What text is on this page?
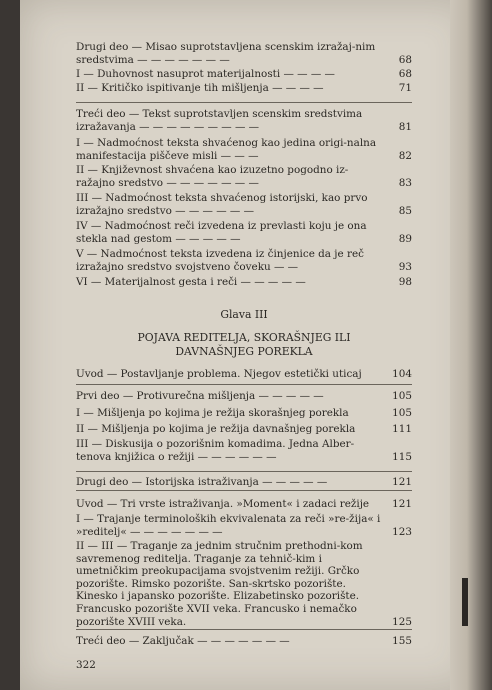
Drugi deo — Misao suprotstavljena scenskim izražaj-nim sredstvima — — — — — — —	68
I — Duhovnost nasuprot materijalnosti — — — —	68
II — Kritičko ispitivanje tih mišljenja — — — —	71
Treći deo — Tekst suprotstavljen scenskim sredstvima izražavanja — — — — — — — — —	81
I — Nadmoćnost teksta shvaćenog kao jedina origi-nalna manifestacija piščeve misli — — —	82
II — Književnost shvaćena kao izuzetno pogodno iz-ražajno sredstvo — — — — — — —	83
III — Nadmoćnost teksta shvaćenog istorijski, kao prvo izražajno sredstvo — — — — — —	85
IV — Nadmoćnost reči izvedena iz prevlasti koju je ona stekla nad gestom — — — — —	89
V — Nadmoćnost teksta izvedena iz činjenice da je reč izražajno sredstvo svojstveno čoveku — —	93
VI — Materijalnost gesta i reči — — — — —	98
Glava III
POJAVA REDITELJA, SKORAŠNJEG ILI
DAVNAŠNJEG POREKLA
Uvod — Postavljanje problema. Njegov estetički uticaj	104
Prvi deo — Protivurečna mišljenja — — — — —	105
I — Mišljenja po kojima je režija skorašnjeg porekla	105
II — Mišljenja po kojima je režija davnašnjeg porekla	111
III — Diskusija o pozorišnim komadima. Jedna Alber-tenova knjižica o režiji — — — — — —	115
Drugi deo — Istorijska istraživanja — — — — —	121
Uvod — Tri vrste istraživanja. »Moment« i zadaci režije	121
I — Trajanje terminoloških ekvivalenata za reči »re-žija« i »reditelj« — — — — — — —	123
II — III — Traganje za jednim stručnim prethodni-kom savremenog reditelja. Traganje za tehnič-kim i umetničkim preokupacijama svojstvenim režiji. Grčko pozorište. Rimsko pozorište. San-skrtsko pozorište. Kinesko i japansko pozorište. Elizabetinsko pozorište. Francusko pozorište XVII veka. Francusko i nemačko pozorište XVIII veka.	125
Treći deo — Zaključak — — — — — — —	155
322
